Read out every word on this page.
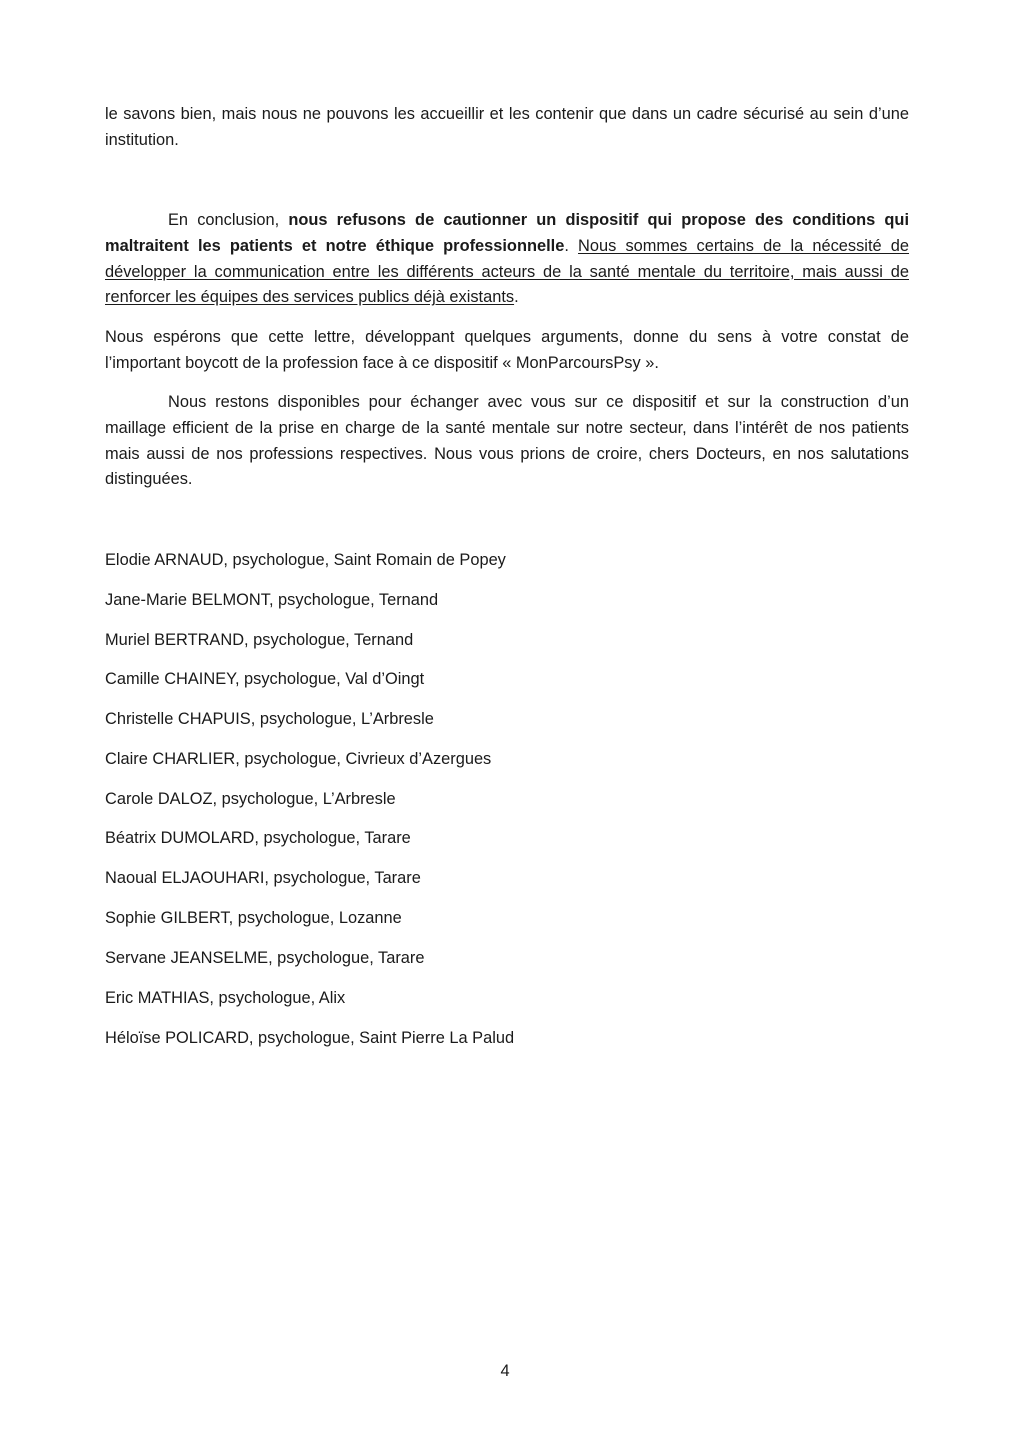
le savons bien, mais nous ne pouvons les accueillir et les contenir que dans un cadre sécurisé au sein d’une institution.

En conclusion, nous refusons de cautionner un dispositif qui propose des conditions qui maltraitent les patients et notre éthique professionnelle. Nous sommes certains de la nécessité de développer la communication entre les différents acteurs de la santé mentale du territoire, mais aussi de renforcer les équipes des services publics déjà existants.

Nous espérons que cette lettre, développant quelques arguments, donne du sens à votre constat de l’important boycott de la profession face à ce dispositif « MonParcoursPsy ».

Nous restons disponibles pour échanger avec vous sur ce dispositif et sur la construction d’un maillage efficient de la prise en charge de la santé mentale sur notre secteur, dans l’intérêt de nos patients mais aussi de nos professions respectives. Nous vous prions de croire, chers Docteurs, en nos salutations distinguées.

Elodie ARNAUD, psychologue, Saint Romain de Popey

Jane-Marie BELMONT, psychologue, Ternand

Muriel BERTRAND, psychologue, Ternand

Camille CHAINEY, psychologue, Val d’Oingt

Christelle CHAPUIS, psychologue, L’Arbresle

Claire CHARLIER, psychologue, Civrieux d’Azergues

Carole DALOZ, psychologue, L’Arbresle

Béatrix DUMOLARD, psychologue, Tarare

Naoual ELJAOUHARI, psychologue, Tarare

Sophie GILBERT, psychologue, Lozanne

Servane JEANSELME, psychologue, Tarare

Eric MATHIAS, psychologue, Alix

Héloïse POLICARD, psychologue, Saint Pierre La Palud

4
